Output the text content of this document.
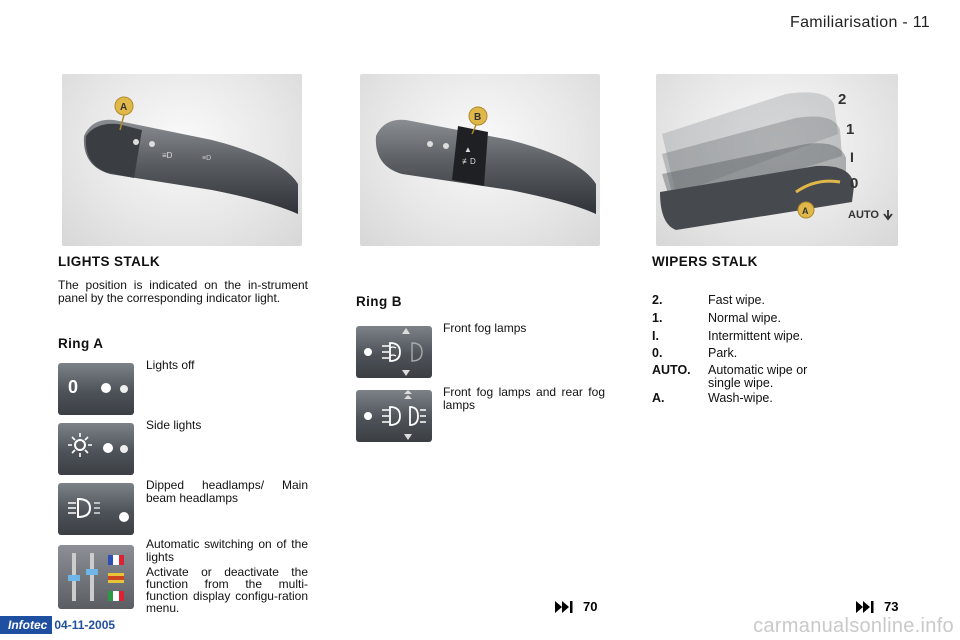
Familiarisation - 11
≡D	≡D
A
▲
≢D
B
A
2
1
I
0
AUTO
LIGHTS STALK
The position is indicated on the in-strument panel by the corresponding indicator light.
Ring A
0
Lights off
Side lights
Dipped headlamps/ Main beam headlamps
Automatic switching on of the lights
Activate or deactivate the function from the multi-function display configu-ration menu.
Ring B
Front fog lamps
Front fog lamps and rear fog lamps
WIPERS STALK
2.	Fast wipe.
1.	Normal wipe.
I.	Intermittent wipe.
0.	Park.
AUTO.	Automatic wipe or single wipe.
A.	Wash-wipe.
70	73
Infotec 04-11-2005	carmanualsonline.info
